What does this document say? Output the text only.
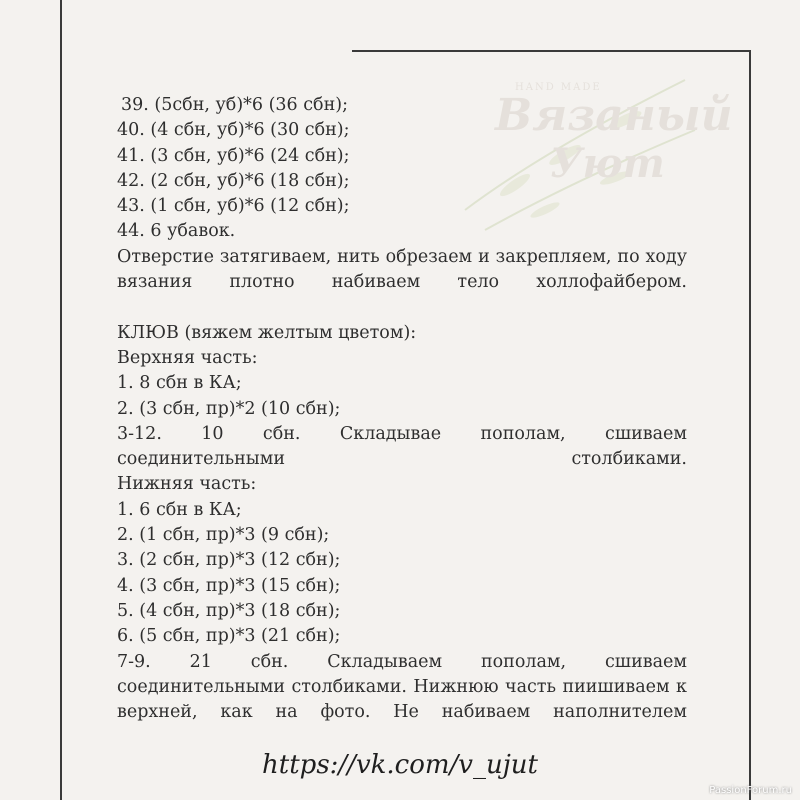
HAND MADE
Вязаный
Уют
39. (5сбн, уб)*6 (36 сбн);
40. (4 сбн, уб)*6 (30 сбн);
41. (3 сбн, уб)*6 (24 сбн);
42. (2 сбн, уб)*6 (18 сбн);
43. (1 сбн, уб)*6 (12 сбн);
44. 6 убавок.
Отверстие затягиваем, нить обрезаем и закрепляем, по ходу вязания плотно набиваем тело холлофайбером.
КЛЮВ (вяжем желтым цветом):
Верхняя часть:
1. 8 сбн в КА;
2. (3 сбн, пр)*2 (10 сбн);
3-12. 10 сбн. Складывае пополам, сшиваем соединительными столбиками.
Нижняя часть:
1. 6 сбн в КА;
2. (1 сбн, пр)*3 (9 сбн);
3. (2 сбн, пр)*3 (12 сбн);
4. (3 сбн, пр)*3 (15 сбн);
5. (4 сбн, пр)*3 (18 сбн);
6. (5 сбн, пр)*3 (21 сбн);
7-9. 21 сбн. Складываем пополам, сшиваем соединительными столбиками. Нижнюю часть пиишиваем к верхней, как на фото. Не набиваем наполнителем
https://vk.com/v_ujut
PassionForum.ru
